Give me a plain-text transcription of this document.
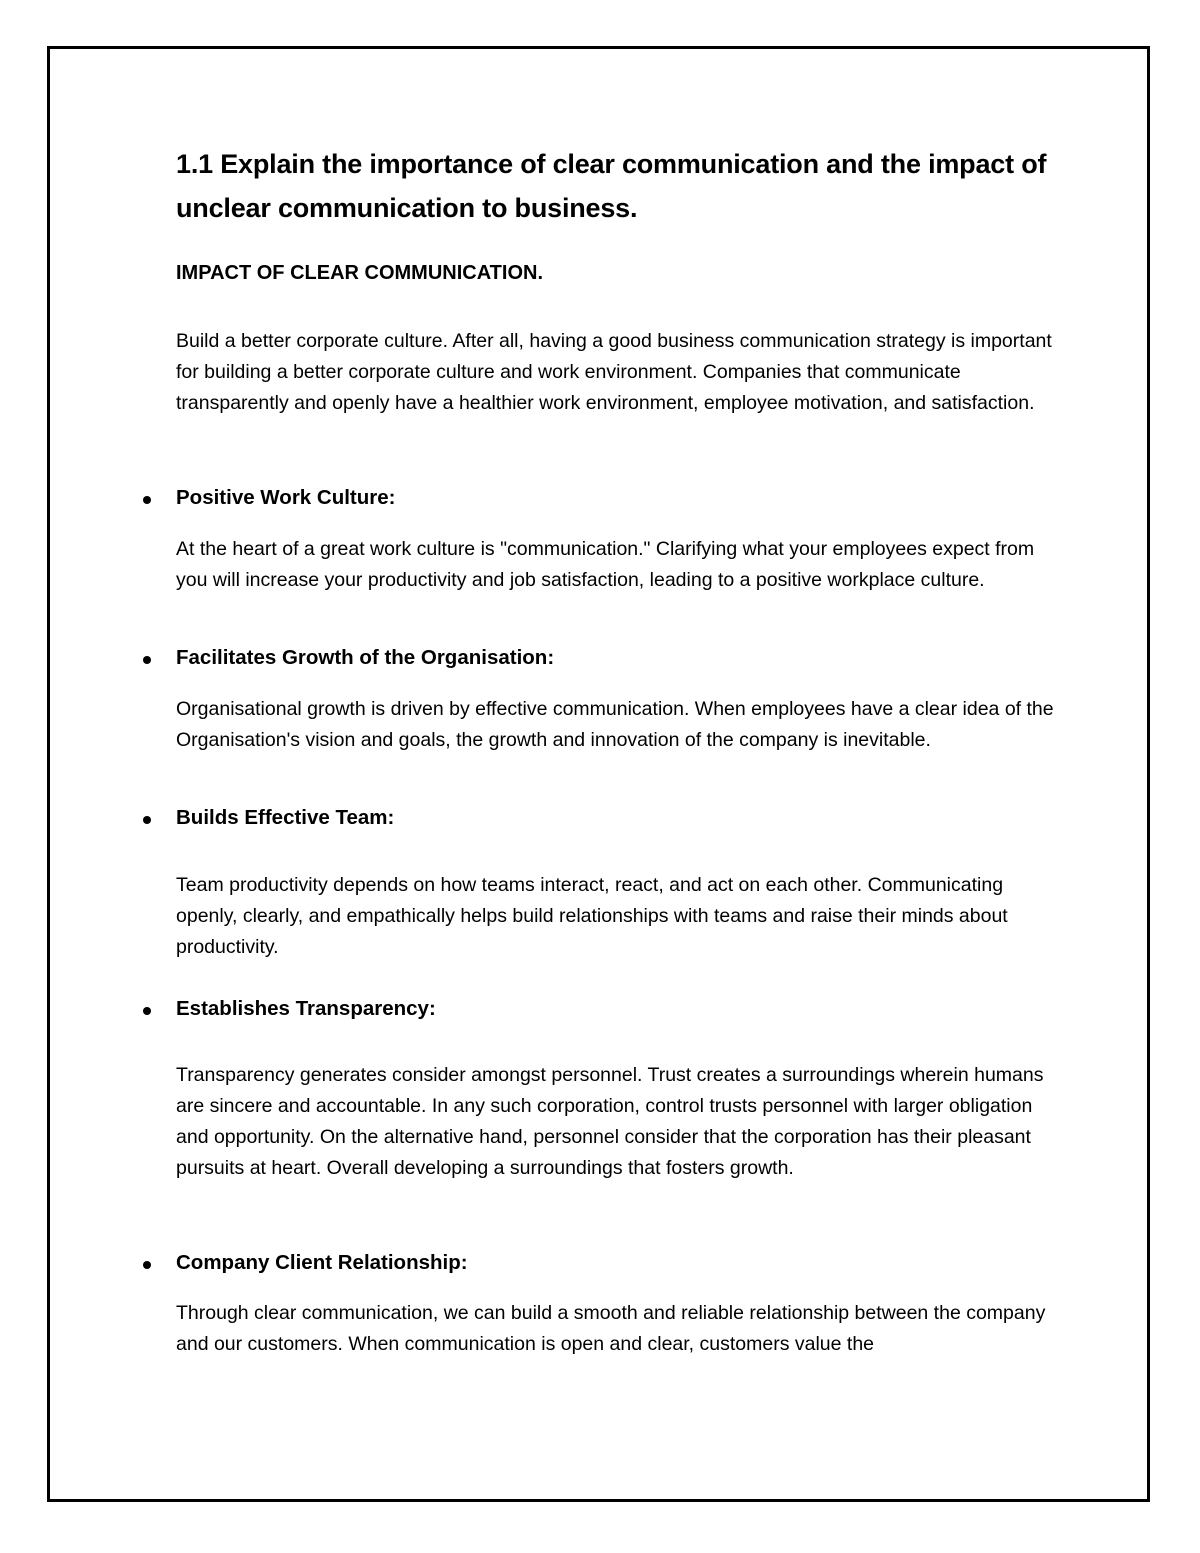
1.1 Explain the importance of clear communication and the impact of unclear communication to business.
IMPACT OF CLEAR COMMUNICATION.

Build a better corporate culture. After all, having a good business communication strategy is important for building a better corporate culture and work environment. Companies that communicate transparently and openly have a healthier work environment, employee motivation, and satisfaction.

Positive Work Culture:

At the heart of a great work culture is "communication." Clarifying what your employees expect from you will increase your productivity and job satisfaction, leading to a positive workplace culture.

Facilitates Growth of the Organisation:

Organisational growth is driven by effective communication. When employees have a clear idea of the Organisation's vision and goals, the growth and innovation of the company is inevitable.

Builds Effective Team:

Team productivity depends on how teams interact, react, and act on each other. Communicating openly, clearly, and empathically helps build relationships with teams and raise their minds about productivity.

Establishes Transparency:

Transparency generates consider amongst personnel. Trust creates a surroundings wherein humans are sincere and accountable. In any such corporation, control trusts personnel with larger obligation and opportunity. On the alternative hand, personnel consider that the corporation has their pleasant pursuits at heart. Overall developing a surroundings that fosters growth.

Company Client Relationship:

Through clear communication, we can build a smooth and reliable relationship between the company and our customers. When communication is open and clear, customers value the
